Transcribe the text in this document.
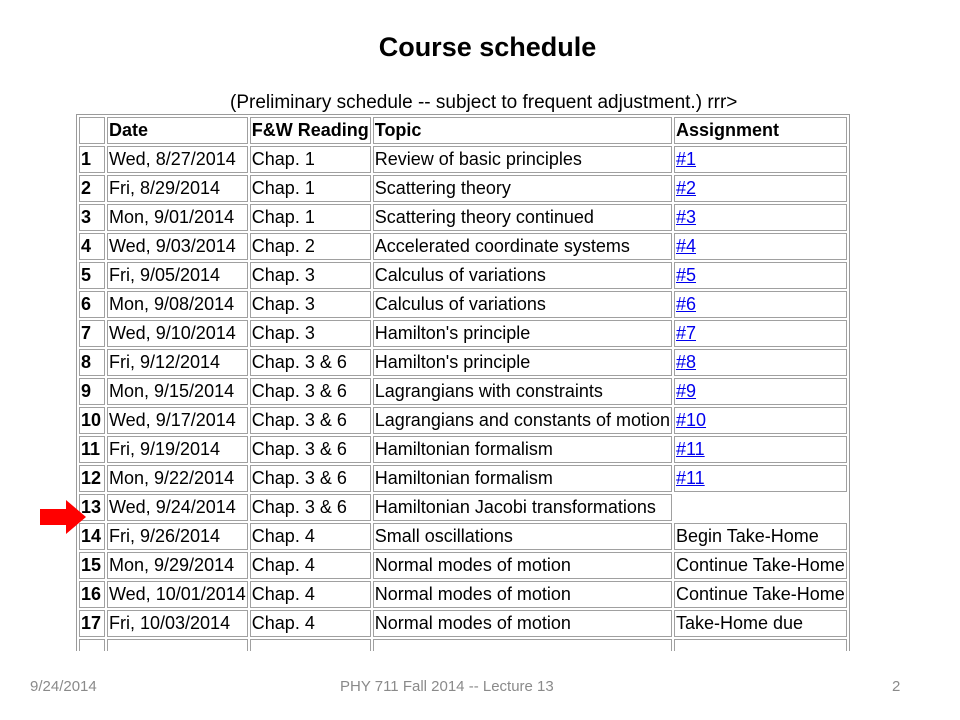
Course schedule
(Preliminary schedule -- subject to frequent adjustment.) rrr>
	Date	F&W Reading	Topic	Assignment
1	Wed, 8/27/2014	Chap. 1	Review of basic principles	#1
2	Fri, 8/29/2014	Chap. 1	Scattering theory	#2
3	Mon, 9/01/2014	Chap. 1	Scattering theory continued	#3
4	Wed, 9/03/2014	Chap. 2	Accelerated coordinate systems	#4
5	Fri, 9/05/2014	Chap. 3	Calculus of variations	#5
6	Mon, 9/08/2014	Chap. 3	Calculus of variations	#6
7	Wed, 9/10/2014	Chap. 3	Hamilton's principle	#7
8	Fri, 9/12/2014	Chap. 3 & 6	Hamilton's principle	#8
9	Mon, 9/15/2014	Chap. 3 & 6	Lagrangians with constraints	#9
10	Wed, 9/17/2014	Chap. 3 & 6	Lagrangians and constants of motion	#10
11	Fri, 9/19/2014	Chap. 3 & 6	Hamiltonian formalism	#11
12	Mon, 9/22/2014	Chap. 3 & 6	Hamiltonian formalism	#11
13	Wed, 9/24/2014	Chap. 3 & 6	Hamiltonian Jacobi transformations	
14	Fri, 9/26/2014	Chap. 4	Small oscillations	Begin Take-Home
15	Mon, 9/29/2014	Chap. 4	Normal modes of motion	Continue Take-Home
16	Wed, 10/01/2014	Chap. 4	Normal modes of motion	Continue Take-Home
17	Fri, 10/03/2014	Chap. 4	Normal modes of motion	Take-Home due

9/24/2014	PHY 711 Fall 2014 -- Lecture 13	2
